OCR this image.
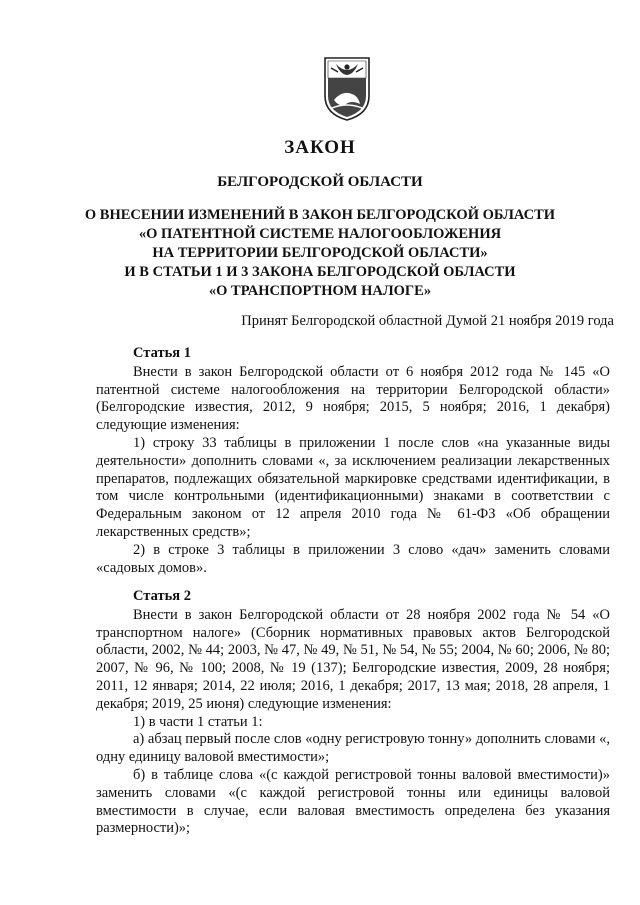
ЗАКОН
БЕЛГОРОДСКОЙ ОБЛАСТИ
О ВНЕСЕНИИ ИЗМЕНЕНИЙ В ЗАКОН БЕЛГОРОДСКОЙ ОБЛАСТИ
«О ПАТЕНТНОЙ СИСТЕМЕ НАЛОГООБЛОЖЕНИЯ
НА ТЕРРИТОРИИ БЕЛГОРОДСКОЙ ОБЛАСТИ»
И В СТАТЬИ 1 И 3 ЗАКОНА БЕЛГОРОДСКОЙ ОБЛАСТИ
«О ТРАНСПОРТНОМ НАЛОГЕ»
Принят Белгородской областной Думой 21 ноября 2019 года
Статья 1

Внести в закон Белгородской области от 6 ноября 2012 года № 145 «О патентной системе налогообложения на территории Белгородской области» (Белгородские известия, 2012, 9 ноября; 2015, 5 ноября; 2016, 1 декабря) следующие изменения:

1) строку 33 таблицы в приложении 1 после слов «на указанные виды деятельности» дополнить словами «, за исключением реализации лекарственных препаратов, подлежащих обязательной маркировке средствами идентификации, в том числе контрольными (идентификационными) знаками в соответствии с Федеральным законом от 12 апреля 2010 года № 61-ФЗ «Об обращении лекарственных средств»;

2) в строке 3 таблицы в приложении 3 слово «дач» заменить словами «садовых домов».

Статья 2

Внести в закон Белгородской области от 28 ноября 2002 года № 54 «О транспортном налоге» (Сборник нормативных правовых актов Белгородской области, 2002, № 44; 2003, № 47, № 49, № 51, № 54, № 55; 2004, № 60; 2006, № 80; 2007, № 96, № 100; 2008, № 19 (137); Белгородские известия, 2009, 28 ноября; 2011, 12 января; 2014, 22 июля; 2016, 1 декабря; 2017, 13 мая; 2018, 28 апреля, 1 декабря; 2019, 25 июня) следующие изменения:

1) в части 1 статьи 1:

а) абзац первый после слов «одну регистровую тонну» дополнить словами «, одну единицу валовой вместимости»;

б) в таблице слова «(с каждой регистровой тонны валовой вместимости)» заменить словами «(с каждой регистровой тонны или единицы валовой вместимости в случае, если валовая вместимость определена без указания размерности)»;
